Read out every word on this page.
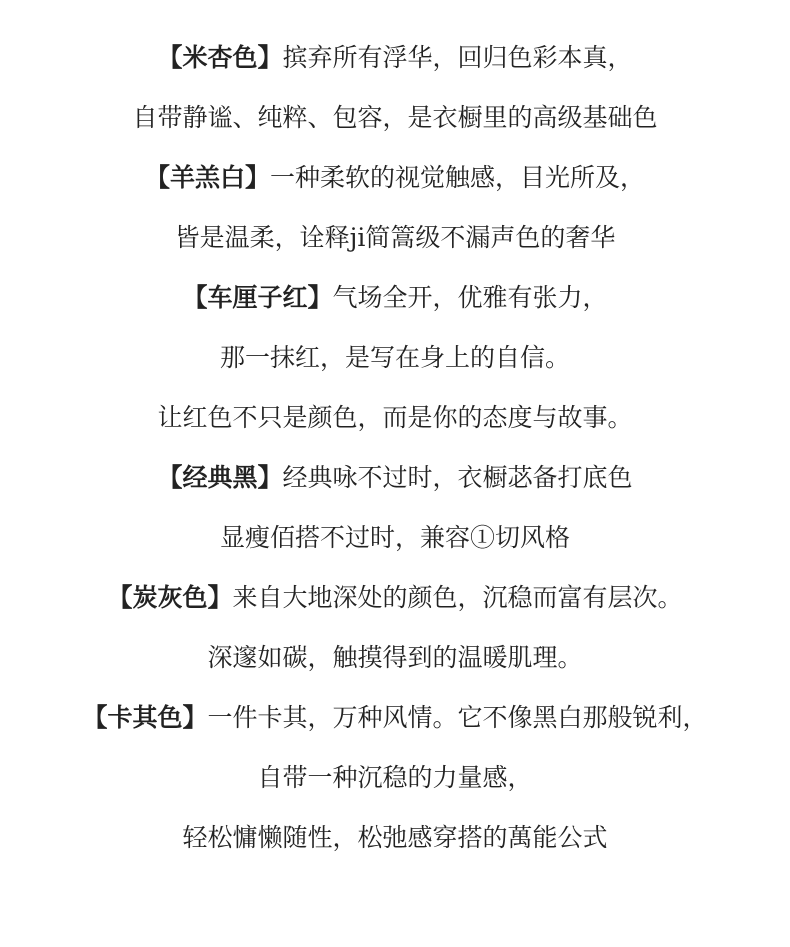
【米杏色】摈弃所有浮华，回归色彩本真，
自带静谧、纯粹、包容，是衣橱里的高级基础色
【羊羔白】一种柔软的视觉触感，目光所及，
皆是温柔，诠释ji简篙级不漏声色的奢华
【车厘子红】气场全开，优雅有张力，
那一抹红，是写在身上的自信。
让红色不只是颜色，而是你的态度与故事。
【经典黑】经典咏不过时，衣橱苾备打底色
显瘦佰搭不过时，兼容①切风格
【炭灰色】来自大地深处的颜色，沉稳而富有层次。
深邃如碳，触摸得到的温暖肌理。
【卡其色】一件卡其，万种风情。它不像黑白那般锐利，
自带一种沉稳的力量感，
轻松慵懒随性，松弛感穿搭的萬能公式
